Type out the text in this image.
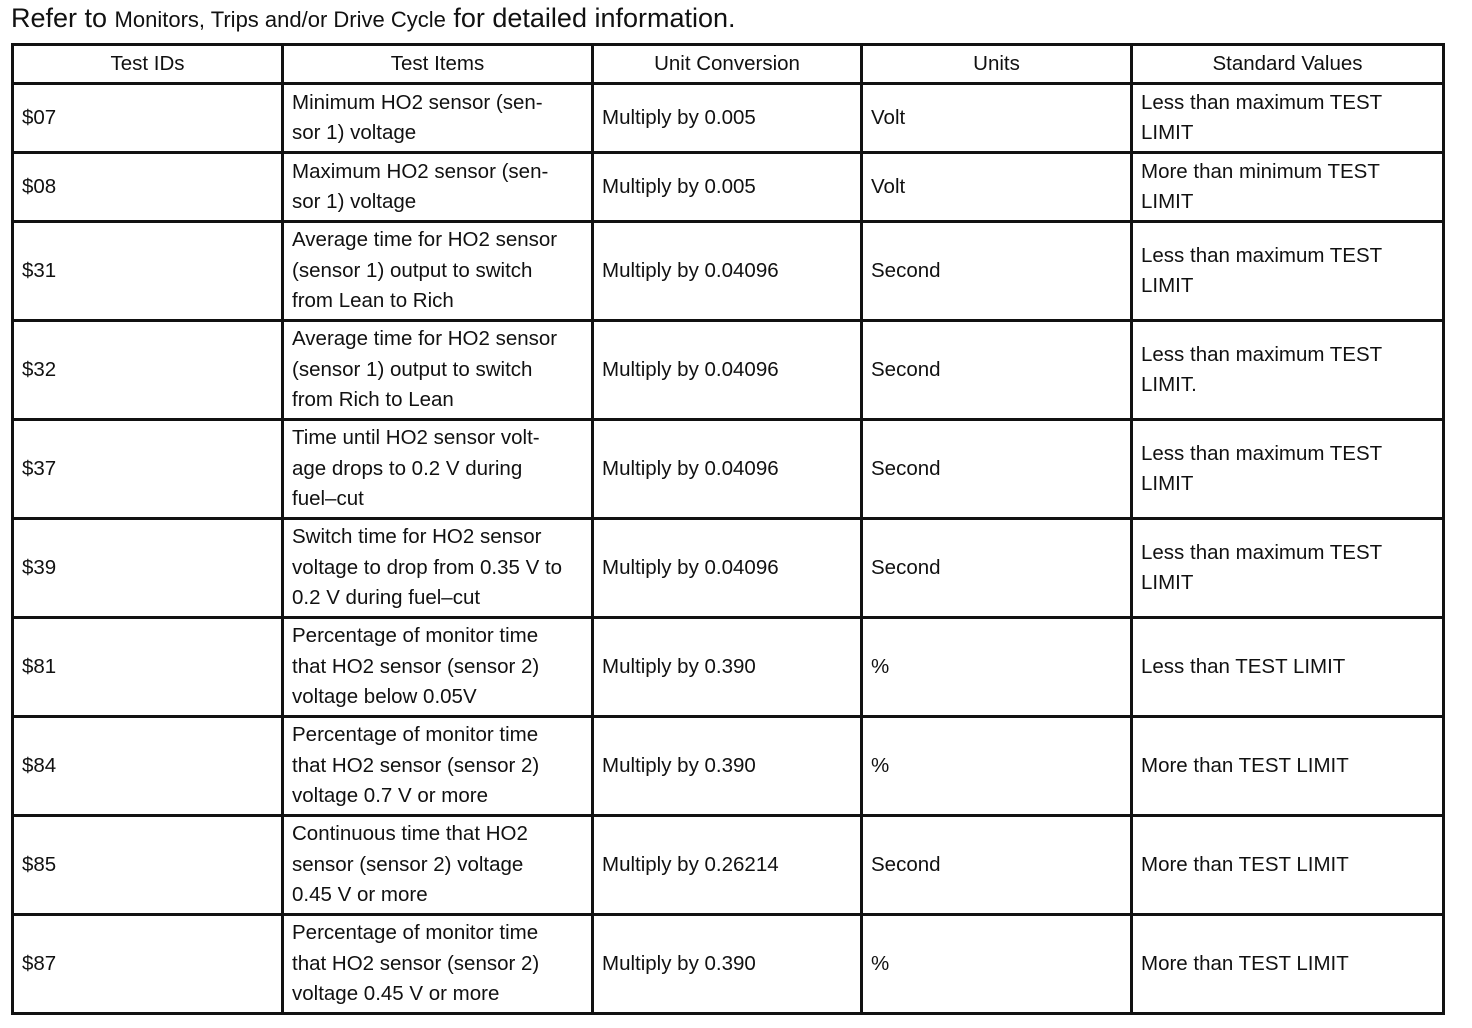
Refer to Monitors, Trips and/or Drive Cycle for detailed information.
Test IDs	Test Items	Unit Conversion	Units	Standard Values
$07	Minimum HO2 sensor (sen-
sor 1) voltage	Multiply by 0.005	Volt	Less than maximum TEST
LIMIT
$08	Maximum HO2 sensor (sen-
sor 1) voltage	Multiply by 0.005	Volt	More than minimum TEST
LIMIT
$31	Average time for HO2 sensor
(sensor 1) output to switch
from Lean to Rich	Multiply by 0.04096	Second	Less than maximum TEST
LIMIT
$32	Average time for HO2 sensor
(sensor 1) output to switch
from Rich to Lean	Multiply by 0.04096	Second	Less than maximum TEST
LIMIT.
$37	Time until HO2 sensor volt-
age drops to 0.2 V during
fuel–cut	Multiply by 0.04096	Second	Less than maximum TEST
LIMIT
$39	Switch time for HO2 sensor
voltage to drop from 0.35 V to
0.2 V during fuel–cut	Multiply by 0.04096	Second	Less than maximum TEST
LIMIT
$81	Percentage of monitor time
that HO2 sensor (sensor 2)
voltage below 0.05V	Multiply by 0.390	%	Less than TEST LIMIT
$84	Percentage of monitor time
that HO2 sensor (sensor 2)
voltage 0.7 V or more	Multiply by 0.390	%	More than TEST LIMIT
$85	Continuous time that HO2
sensor (sensor 2) voltage
0.45 V or more	Multiply by 0.26214	Second	More than TEST LIMIT
$87	Percentage of monitor time
that HO2 sensor (sensor 2)
voltage 0.45 V or more	Multiply by 0.390	%	More than TEST LIMIT
